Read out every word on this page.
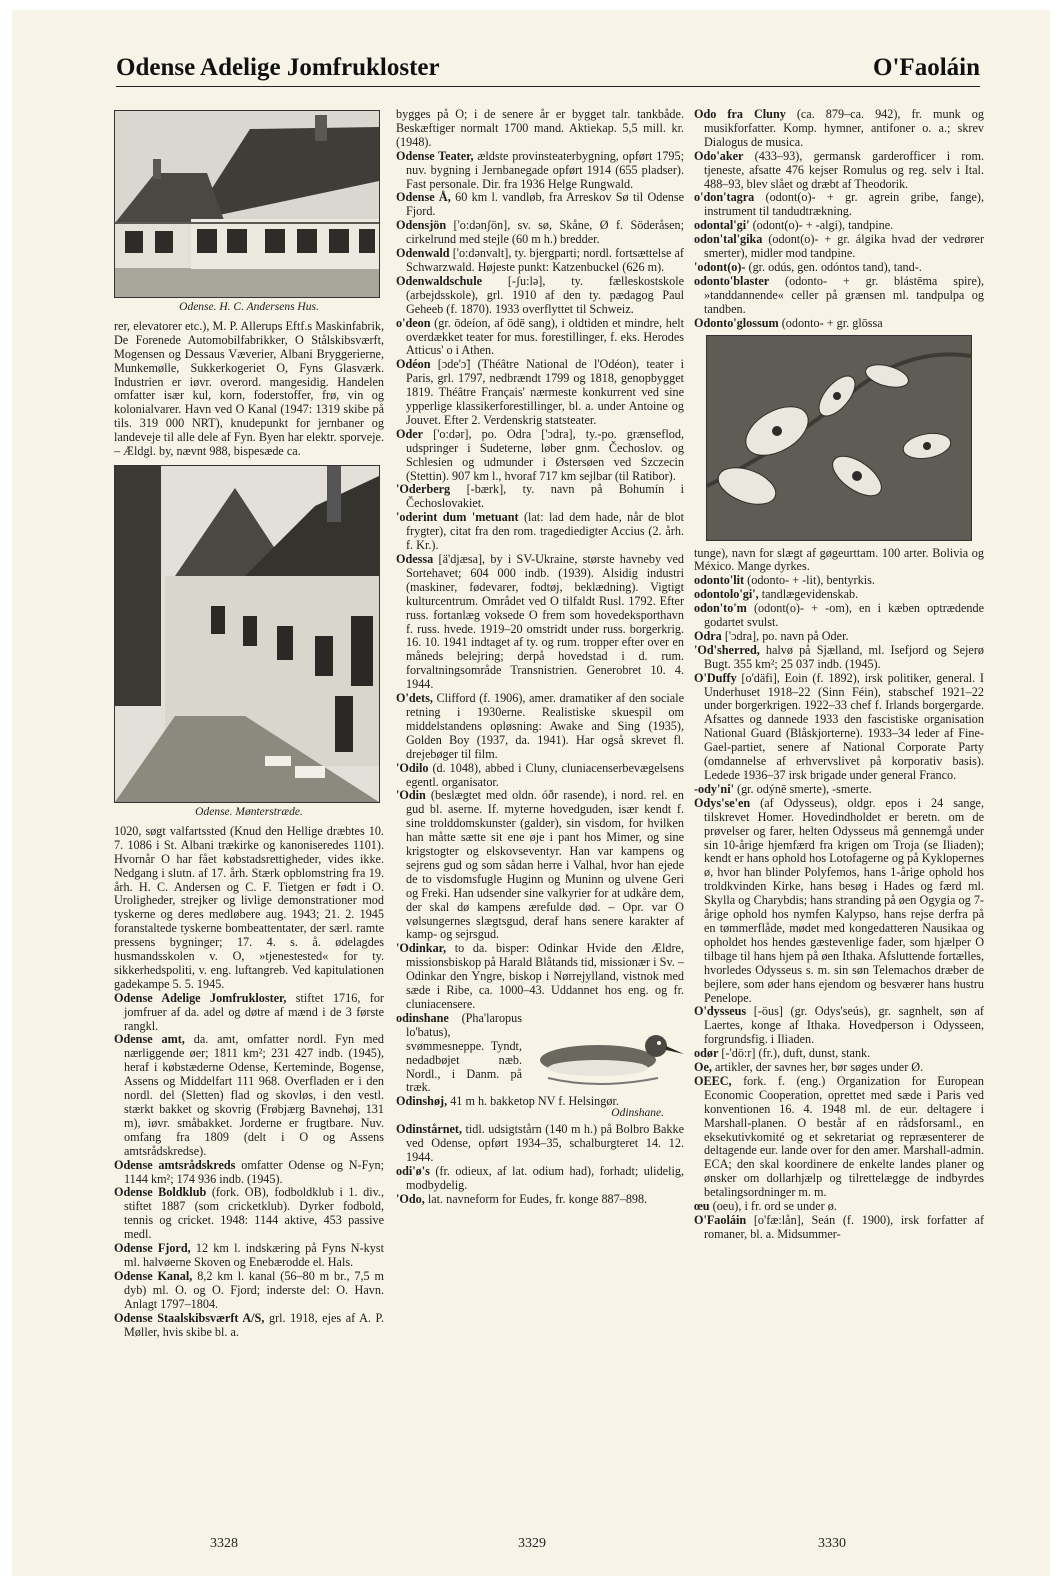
Odense Adelige Jomfrukloster	O'Faoláin
Odense. H. C. Andersens Hus.

rer, elevatorer etc.), M. P. Allerups Eftf.s Maskinfabrik, De Forenede Automobilfabrikker, O Stålskibsværft, Mogensen og Dessaus Væverier, Albani Bryggerierne, Munkemølle, Sukkerkogeriet O, Fyns Glasværk. Industrien er iøvr. overord. mangesidig. Handelen omfatter især kul, korn, foderstoffer, frø, vin og kolonialvarer. Havn ved O Kanal (1947: 1319 skibe på tils. 319 000 NRT), knudepunkt for jernbaner og landeveje til alle dele af Fyn. Byen har elektr. sporveje. – Ældgl. by, nævnt 988, bispesæde ca.

Odense. Mønterstræde.

1020, søgt valfartssted (Knud den Hellige dræbtes 10. 7. 1086 i St. Albani trækirke og kanoniseredes 1101). Hvornår O har fået købstadsrettigheder, vides ikke. Nedgang i slutn. af 17. årh. Stærk opblomstring fra 19. årh. H. C. Andersen og C. F. Tietgen er født i O. Uroligheder, strejker og livlige demonstrationer mod tyskerne og deres medløbere aug. 1943; 21. 2. 1945 foranstaltede tyskerne bombeattentater, der særl. ramte pressens bygninger; 17. 4. s. å. ødelagdes husmandsskolen v. O, »tjenestested« for ty. sikkerhedspoliti, v. eng. luftangreb. Ved kapitulationen gadekampe 5. 5. 1945.

Odense Adelige Jomfrukloster, stiftet 1716, for jomfruer af da. adel og døtre af mænd i de 3 første rangkl.

Odense amt, da. amt, omfatter nordl. Fyn med nærliggende øer; 1811 km²; 231 427 indb. (1945), heraf i købstæderne Odense, Kerteminde, Bogense, Assens og Middelfart 111 968. Overfladen er i den nordl. del (Sletten) flad og skovløs, i den vestl. stærkt bakket og skovrig (Frøbjærg Bavnehøj, 131 m), iøvr. småbakket. Jorderne er frugtbare. Nuv. omfang fra 1809 (delt i O og Assens amtsrådskredse).

Odense amtsrådskreds omfatter Odense og N-Fyn; 1144 km²; 174 936 indb. (1945).

Odense Boldklub (fork. OB), fodboldklub i 1. div., stiftet 1887 (som cricketklub). Dyrker fodbold, tennis og cricket. 1948: 1144 aktive, 453 passive medl.

Odense Fjord, 12 km l. indskæring på Fyns N-kyst ml. halvøerne Skoven og Enebærodde el. Hals.

Odense Kanal, 8,2 km l. kanal (56–80 m br., 7,5 m dyb) ml. O. og O. Fjord; inderste del: O. Havn. Anlagt 1797–1804.

Odense Staalskibsværft A/S, grl. 1918, ejes af A. P. Møller, hvis skibe bl. a.

bygges på O; i de senere år er bygget talr. tankbåde. Beskæftiger normalt 1700 mand. Aktiekap. 5,5 mill. kr. (1948).

Odense Teater, ældste provinsteaterbygning, opført 1795; nuv. bygning i Jernbanegade opført 1914 (655 pladser). Fast personale. Dir. fra 1936 Helge Rungwald.

Odense Å, 60 km l. vandløb, fra Arreskov Sø til Odense Fjord.

Odensjön ['o:dənʃön], sv. sø, Skåne, Ø f. Söderåsen; cirkelrund med stejle (60 m h.) bredder.

Odenwald ['o:dənvalt], ty. bjergparti; nordl. fortsættelse af Schwarzwald. Højeste punkt: Katzenbuckel (626 m).

Odenwaldschule [-ʃu:lə], ty. fælleskostskole (arbejdsskole), grl. 1910 af den ty. pædagog Paul Geheeb (f. 1870). 1933 overflyttet til Schweiz.

o'deon (gr. ōdeíon, af ōdē sang), i oldtiden et mindre, helt overdækket teater for mus. forestillinger, f. eks. Herodes Atticus' o i Athen.

Odéon [ɔde'ɔ̃] (Théâtre National de l'Odéon), teater i Paris, grl. 1797, nedbrændt 1799 og 1818, genopbygget 1819. Théâtre Français' nærmeste konkurrent ved sine ypperlige klassikerforestillinger, bl. a. under Antoine og Jouvet. Efter 2. Verdenskrig statsteater.

Oder ['o:dər], po. Odra ['ɔdra], ty.-po. grænseflod, udspringer i Sudeterne, løber gnm. Čechoslov. og Schlesien og udmunder i Østersøen ved Szczecin (Stettin). 907 km l., hvoraf 717 km sejlbar (til Ratibor).

'Oderberg [-bærk], ty. navn på Bohumín i Čechoslovakiet.

'oderint dum 'metuant (lat: lad dem hade, når de blot frygter), citat fra den rom. tragediedigter Accius (2. årh. f. Kr.).

Odessa [ä'djæsa], by i SV-Ukraine, største havneby ved Sortehavet; 604 000 indb. (1939). Alsidig industri (maskiner, fødevarer, fodtøj, beklædning). Vigtigt kulturcentrum. Området ved O tilfaldt Rusl. 1792. Efter russ. fortanlæg voksede O frem som hovedeksporthavn f. russ. hvede. 1919–20 omstridt under russ. borgerkrig. 16. 10. 1941 indtaget af ty. og rum. tropper efter over en måneds belejring; derpå hovedstad i d. rum. forvaltningsområde Transnistrien. Generobret 10. 4. 1944.

O'dets, Clifford (f. 1906), amer. dramatiker af den sociale retning i 1930erne. Realistiske skuespil om middelstandens opløsning: Awake and Sing (1935), Golden Boy (1937, da. 1941). Har også skrevet fl. drejebøger til film.

'Odilo (d. 1048), abbed i Cluny, cluniacenserbevægelsens egentl. organisator.

'Odin (beslægtet med oldn. óðr rasende), i nord. rel. en gud bl. aserne. If. myterne hovedguden, især kendt f. sine trolddomskunster (galder), sin visdom, for hvilken han måtte sætte sit ene øje i pant hos Mimer, og sine krigstogter og elskovseventyr. Han var kampens og sejrens gud og som sådan herre i Valhal, hvor han ejede de to visdomsfugle Huginn og Muninn og ulvene Geri og Freki. Han udsender sine valkyrier for at udkåre dem, der skal dø kampens ærefulde død. – Opr. var O vølsungernes slægtsgud, deraf hans senere karakter af kamp- og sejrsgud.

'Odinkar, to da. bisper: Odinkar Hvide den Ældre, missionsbiskop på Harald Blåtands tid, missionær i Sv. – Odinkar den Yngre, biskop i Nørrejylland, vistnok med sæde i Ribe, ca. 1000–43. Uddannet hos eng. og fr. cluniacensere.

odinshane (Pha'laropus lo'batus), svømmesneppe. Tyndt, nedadbøjet næb. Nordl., i Danm. på træk.

Odinshøj, 41 m h. bakketop NV f. Helsingør.

Odinshane.

Odinstårnet, tidl. udsigtstårn (140 m h.) på Bolbro Bakke ved Odense, opført 1934–35, schalburgteret 14. 12. 1944.

odi'ø's (fr. odieux, af lat. odium had), forhadt; ulidelig, modbydelig.

'Odo, lat. navneform for Eudes, fr. konge 887–898.

Odo fra Cluny (ca. 879–ca. 942), fr. munk og musikforfatter. Komp. hymner, antifoner o. a.; skrev Dialogus de musica.

Odo'aker (433–93), germansk garderofficer i rom. tjeneste, afsatte 476 kejser Romulus og reg. selv i Ital. 488–93, blev slået og dræbt af Theodorik.

o'don'tagra (odont(o)- + gr. agrein gribe, fange), instrument til tandudtrækning.

odontal'gi' (odont(o)- + -algi), tandpine.

odon'tal'gika (odont(o)- + gr. álgika hvad der vedrører smerter), midler mod tandpine.

'odont(o)- (gr. odús, gen. odóntos tand), tand-.

odonto'blaster (odonto- + gr. blástēma spire), »tanddannende« celler på grænsen ml. tandpulpa og tandben.

Odonto'glossum (odonto- + gr. glōssa

tunge), navn for slægt af gøgeurttam. 100 arter. Bolivia og México. Mange dyrkes.

odonto'lit (odonto- + -lit), bentyrkis.

odontolo'gi', tandlægevidenskab.

odon'to'm (odont(o)- + -om), en i kæben optrædende godartet svulst.

Odra ['ɔdra], po. navn på Oder.

'Od'sherred, halvø på Sjælland, ml. Isefjord og Sejerø Bugt. 355 km²; 25 037 indb. (1945).

O'Duffy [o'däfi], Eoin (f. 1892), irsk politiker, general. I Underhuset 1918–22 (Sinn Féin), stabschef 1921–22 under borgerkrigen. 1922–33 chef f. Irlands borgergarde. Afsattes og dannede 1933 den fascistiske organisation National Guard (Blåskjorterne). 1933–34 leder af Fine-Gael-partiet, senere af National Corporate Party (omdannelse af erhvervslivet på korporativ basis). Ledede 1936–37 irsk brigade under general Franco.

-ody'ni' (gr. odýnē smerte), -smerte.

Odys'se'en (af Odysseus), oldgr. epos i 24 sange, tilskrevet Homer. Hovedindholdet er beretn. om de prøvelser og farer, helten Odysseus må gennemgå under sin 10-årige hjemfærd fra krigen om Troja (se Iliaden); kendt er hans ophold hos Lotofagerne og på Kyklopernes ø, hvor han blinder Polyfemos, hans 1-årige ophold hos troldkvinden Kirke, hans besøg i Hades og færd ml. Skylla og Charybdis; hans stranding på øen Ogygia og 7-årige ophold hos nymfen Kalypso, hans rejse derfra på en tømmerflåde, mødet med kongedatteren Nausikaa og opholdet hos hendes gæstevenlige fader, som hjælper O tilbage til hans hjem på øen Ithaka. Afsluttende fortælles, hvorledes Odysseus s. m. sin søn Telemachos dræber de bejlere, som øder hans ejendom og besværer hans hustru Penelope.

O'dysseus [-öus] (gr. Odys'seús), gr. sagnhelt, søn af Laertes, konge af Ithaka. Hovedperson i Odysseen, forgrundsfig. i Iliaden.

odør [-'dö:r] (fr.), duft, dunst, stank.

Oe, artikler, der savnes her, bør søges under Ø.

OEEC, fork. f. (eng.) Organization for European Economic Cooperation, oprettet med sæde i Paris ved konventionen 16. 4. 1948 ml. de eur. deltagere i Marshall-planen. O består af en rådsforsaml., en eksekutivkomité og et sekretariat og repræsenterer de deltagende eur. lande over for den amer. Marshall-admin. ECA; den skal koordinere de enkelte landes planer og ønsker om dollarhjælp og tilrettelægge de indbyrdes betalingsordninger m. m.

œu (oeu), i fr. ord se under ø.

O'Faoláin [o'fæ:lån], Seán (f. 1900), irsk forfatter af romaner, bl. a. Midsummer-

3328	3329	3330
